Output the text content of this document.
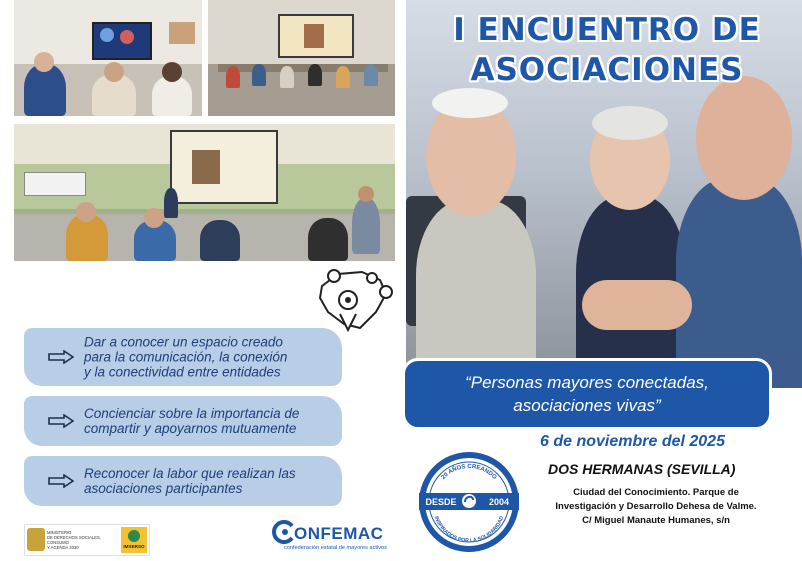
I ENCUENTRO DE
ASOCIACIONES
“Personas mayores conectadas,
asociaciones vivas”
6 de noviembre del 2025
DOS HERMANAS (SEVILLA)
Ciudad del Conocimiento. Parque de
Investigación y Desarrollo Dehesa de Valme.
C/ Miguel Manaute Humanes, s/n
Dar a conocer un espacio creado
para la comunicación, la conexión
y la conectividad entre entidades
Concienciar sobre la importancia de
compartir y apoyarnos mutuamente
Reconocer la labor que realizan las
asociaciones participantes
20 AÑOS CREANDO
DESDE	2004
INSPIRADOS POR LA SOLIDARIDAD
ONFEMAC
confederación estatal de mayores activos
MINISTERIO
DE DERECHOS SOCIALES, CONSUMO
Y AGENDA 2030	IMSERSO
